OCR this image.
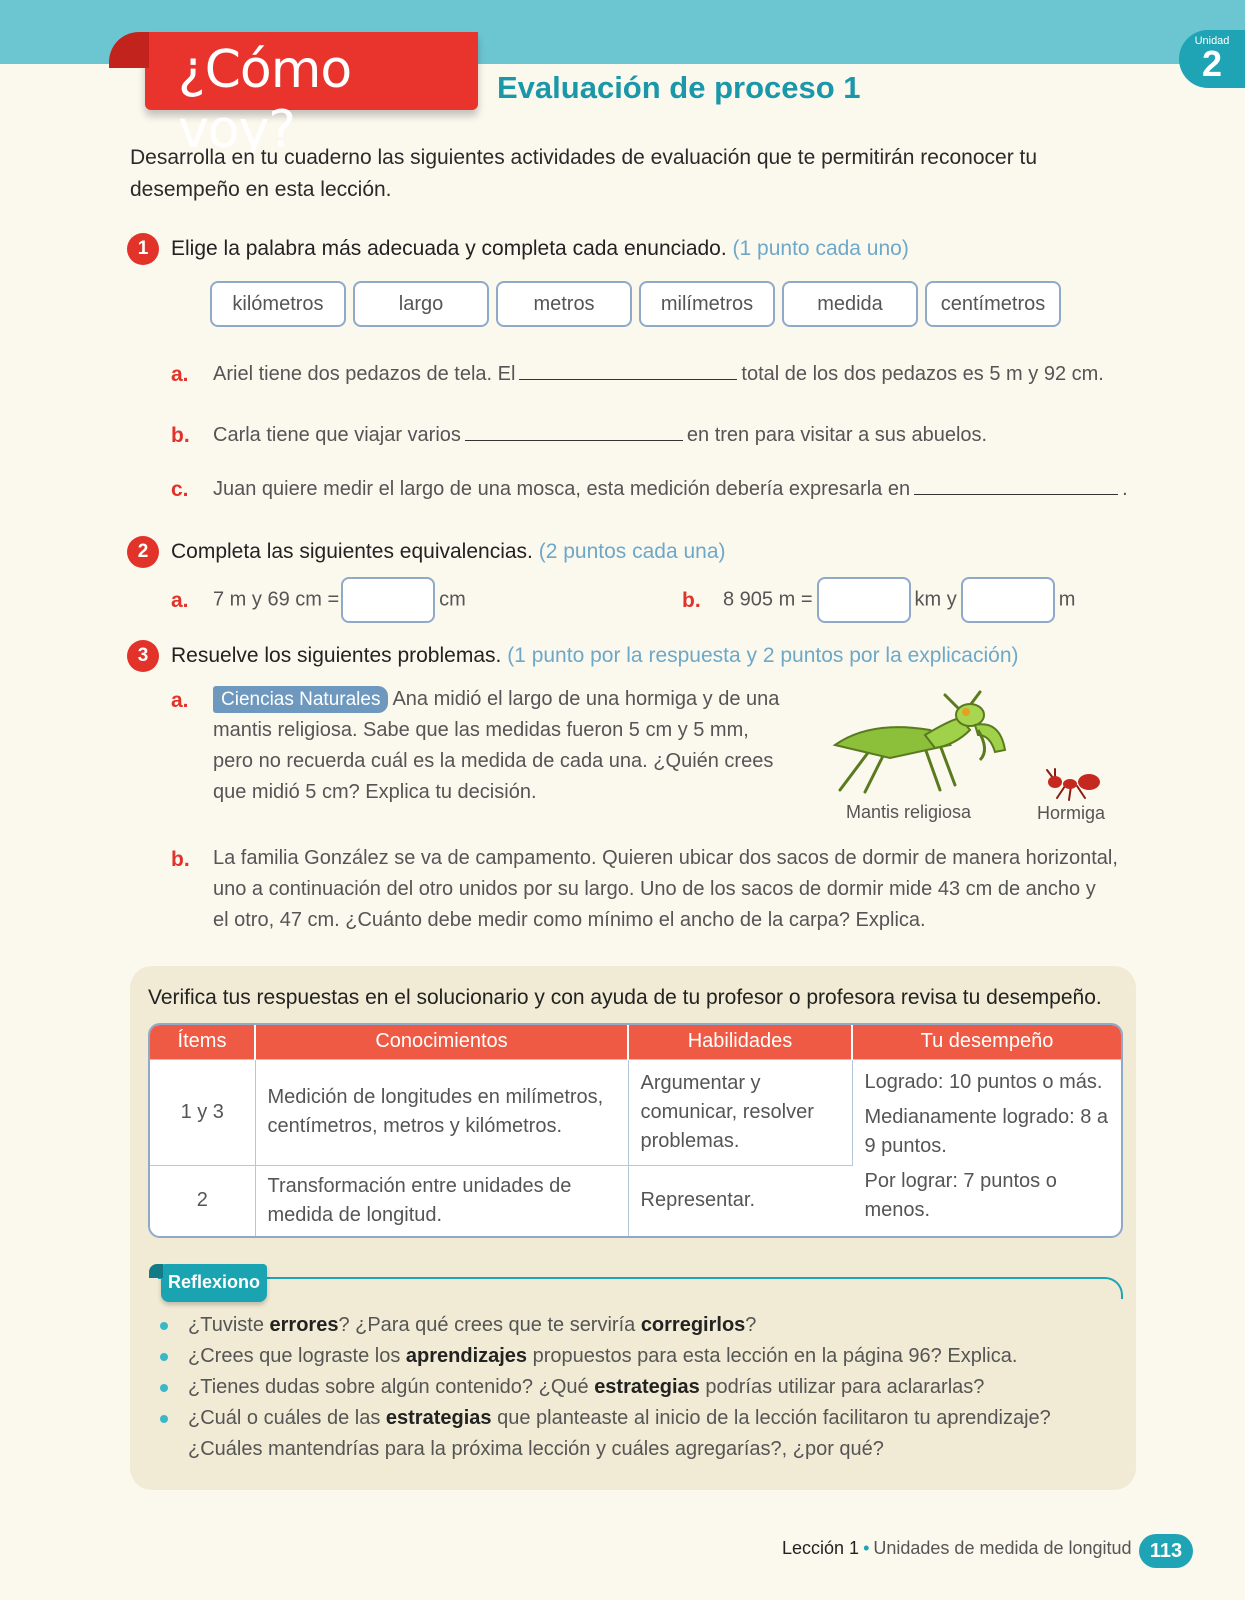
Unidad
2
¿Cómo voy?
Evaluación de proceso 1
Desarrolla en tu cuaderno las siguientes actividades de evaluación que te permitirán reconocer tu desempeño en esta lección.
1	Elige la palabra más adecuada y completa cada enunciado. (1 punto cada uno)
kilómetros	largo	metros	milímetros	medida	centímetros
a. Ariel tiene dos pedazos de tela. El	total de los dos pedazos es 5 m y 92 cm.
b. Carla tiene que viajar varios	en tren para visitar a sus abuelos.
c. Juan quiere medir el largo de una mosca, esta medición debería expresarla en	.
2	Completa las siguientes equivalencias. (2 puntos cada una)
a. 7 m y 69 cm =	cm	b. 8 905 m =	km y	m
3	Resuelve los siguientes problemas. (1 punto por la respuesta y 2 puntos por la explicación)
a.	Ciencias Naturales Ana midió el largo de una hormiga y de una
mantis religiosa. Sabe que las medidas fueron 5 cm y 5 mm,
pero no recuerda cuál es la medida de cada una. ¿Quién crees
que midió 5 cm? Explica tu decisión.
Mantis religiosa	Hormiga
b. La familia González se va de campamento. Quieren ubicar dos sacos de dormir de manera horizontal,
uno a continuación del otro unidos por su largo. Uno de los sacos de dormir mide 43 cm de ancho y
el otro, 47 cm. ¿Cuánto debe medir como mínimo el ancho de la carpa? Explica.
Verifica tus respuestas en el solucionario y con ayuda de tu profesor o profesora revisa tu desempeño.
Ítems	Conocimientos	Habilidades	Tu desempeño
1 y 3	Medición de longitudes en milímetros, centímetros, metros y kilómetros.	Argumentar y comunicar, resolver problemas.	Logrado: 10 puntos o más.

Medianamente logrado: 8 a 9 puntos.

Por lograr: 7 puntos o menos.

2	Transformación entre unidades de medida de longitud.	Representar.	
Reflexiono
¿Tuviste errores? ¿Para qué crees que te serviría corregirlos?
¿Crees que lograste los aprendizajes propuestos para esta lección en la página 96? Explica.
¿Tienes dudas sobre algún contenido? ¿Qué estrategias podrías utilizar para aclararlas?
¿Cuál o cuáles de las estrategias que planteaste al inicio de la lección facilitaron tu aprendizaje? ¿Cuáles mantendrías para la próxima lección y cuáles agregarías?, ¿por qué?
Lección 1 • Unidades de medida de longitud 113
